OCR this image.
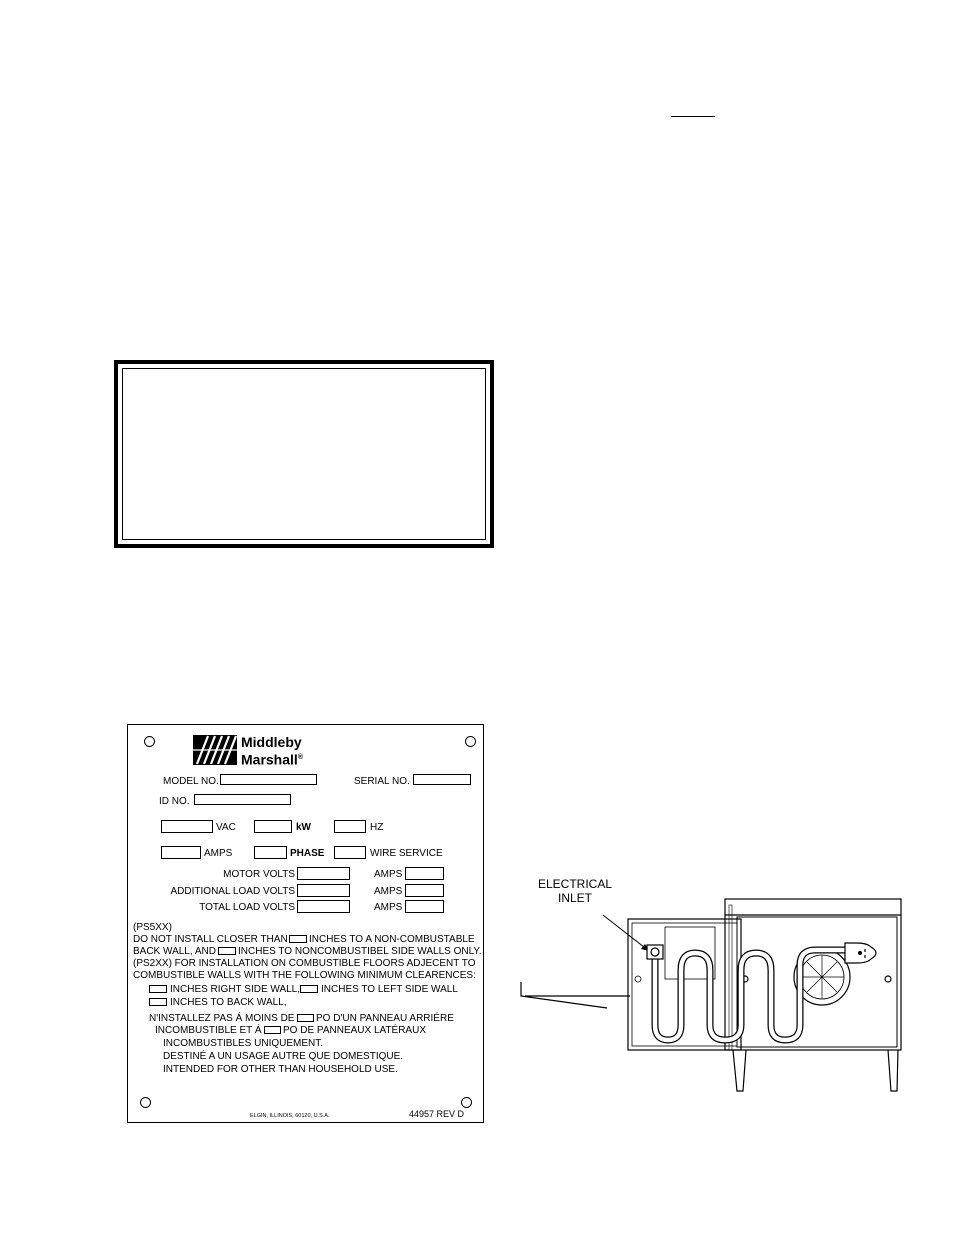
Middleby
Marshall®
MODEL NO.	SERIAL NO.
ID NO.
VAC	kW	HZ
AMPS	PHASE	WIRE SERVICE
MOTOR VOLTS	AMPS
ADDITIONAL LOAD VOLTS	AMPS
TOTAL LOAD VOLTS	AMPS
(PS5XX)
DO NOT INSTALL CLOSER THAN INCHES TO A NON-COMBUSTABLE
BACK WALL, AND INCHES TO NONCOMBUSTIBEL SIDE WALLS ONLY.
(PS2XX) FOR INSTALLATION ON COMBUSTIBLE FLOORS ADJECENT TO
COMBUSTIBLE WALLS WITH THE FOLLOWING MINIMUM CLEARENCES:
INCHES RIGHT SIDE WALL, INCHES TO LEFT SIDE WALL
INCHES TO BACK WALL,
N'INSTALLEZ PAS Á MOINS DE PO D'UN PANNEAU ARRIÉRE
INCOMBUSTIBLE ET Á PO DE PANNEAUX LATÉRAUX
INCOMBUSTIBLES UNIQUEMENT.
DESTINÉ A UN USAGE AUTRE QUE DOMESTIQUE.
INTENDED FOR OTHER THAN HOUSEHOLD USE.
ELGIN, ILLINOIS, 60120, U.S.A.	44957 REV D
ELECTRICAL
INLET
